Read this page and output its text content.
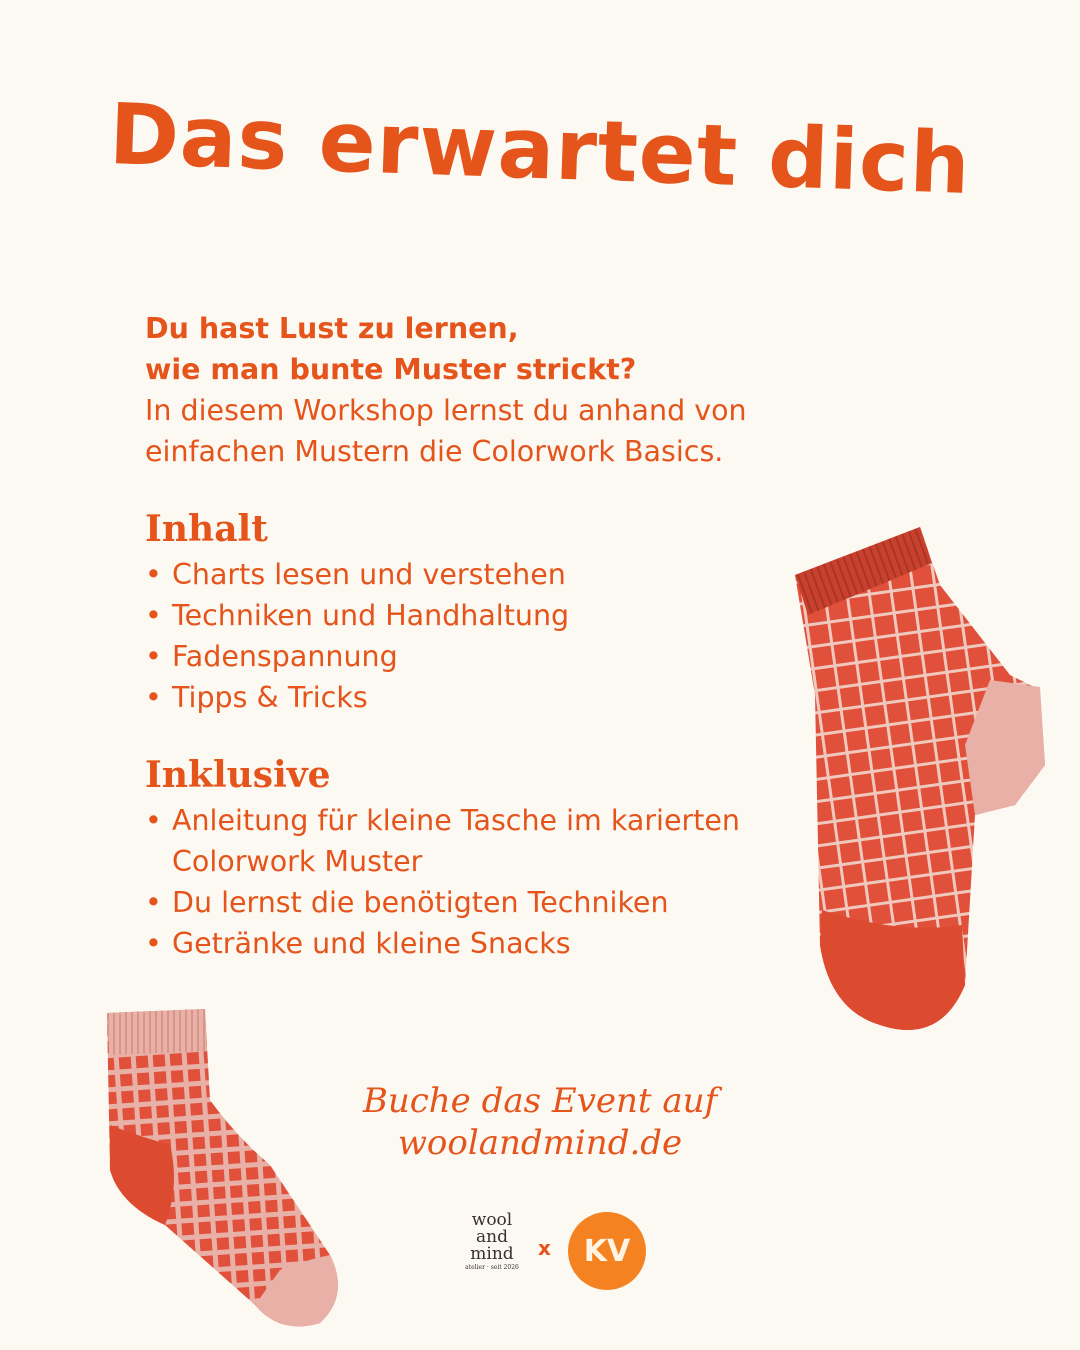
Das erwartet dich
Du hast Lust zu lernen,
wie man bunte Muster strickt?
In diesem Workshop lernst du anhand von
einfachen Mustern die Colorwork Basics.
Inhalt
• Charts lesen und verstehen
• Techniken und Handhaltung
• Fadenspannung
• Tipps & Tricks
Inklusive
• Anleitung für kleine Tasche im karierten Colorwork Muster
• Du lernst die benötigten Techniken
• Getränke und kleine Snacks
Buche das Event auf
woolandmind.de
wool
and
mind
atelier · seit 2026
x	KV
